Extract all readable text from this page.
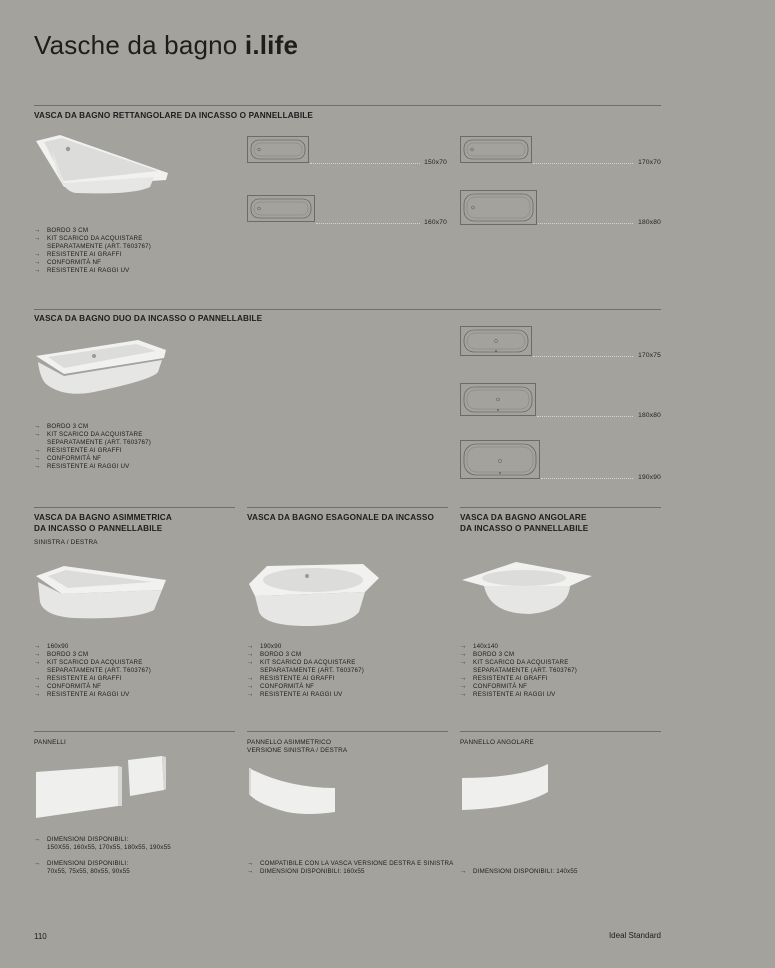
Vasche da bagno i.life
VASCA DA BAGNO RETTANGOLARE DA INCASSO O PANNELLABILE
→	BORDO 3 CM
→	KIT SCARICO DA ACQUISTARE
SEPARATAMENTE (ART. T603767)
→	RESISTENTE AI GRAFFI
→	CONFORMITÀ NF
→	RESISTENTE AI RAGGI UV
150x70	170x70
160x70	180x80
VASCA DA BAGNO DUO DA INCASSO O PANNELLABILE
→	BORDO 3 CM
→	KIT SCARICO DA ACQUISTARE
SEPARATAMENTE (ART. T603767)
→	RESISTENTE AI GRAFFI
→	CONFORMITÀ NF
→	RESISTENTE AI RAGGI UV
170x75
180x80
190x90
VASCA DA BAGNO ASIMMETRICA
DA INCASSO O PANNELLABILE
SINISTRA / DESTRA
VASCA DA BAGNO ESAGONALE DA INCASSO	VASCA DA BAGNO ANGOLARE
DA INCASSO O PANNELLABILE
→	160x90
→	BORDO 3 CM
→	KIT SCARICO DA ACQUISTARE
SEPARATAMENTE (ART. T603767)
→	RESISTENTE AI GRAFFI
→	CONFORMITÀ NF
→	RESISTENTE AI RAGGI UV
→	190x90
→	BORDO 3 CM
→	KIT SCARICO DA ACQUISTARE
SEPARATAMENTE (ART. T603767)
→	RESISTENTE AI GRAFFI
→	CONFORMITÀ NF
→	RESISTENTE AI RAGGI UV
→	140x140
→	BORDO 3 CM
→	KIT SCARICO DA ACQUISTARE
SEPARATAMENTE (ART. T603767)
→	RESISTENTE AI GRAFFI
→	CONFORMITÀ NF
→	RESISTENTE AI RAGGI UV
PANNELLI	PANNELLO ASIMMETRICO
VERSIONE SINISTRA / DESTRA
PANNELLO ANGOLARE
→	DIMENSIONI DISPONIBILI:
150X55, 160x55, 170x55, 180x55, 190x55
→	DIMENSIONI DISPONIBILI:
70x55, 75x55, 80x55, 90x55
→	COMPATIBILE CON LA VASCA VERSIONE DESTRA E SINISTRA
→	DIMENSIONI DISPONIBILI: 160x55	→	DIMENSIONI DISPONIBILI: 140x55
110	Ideal Standard
